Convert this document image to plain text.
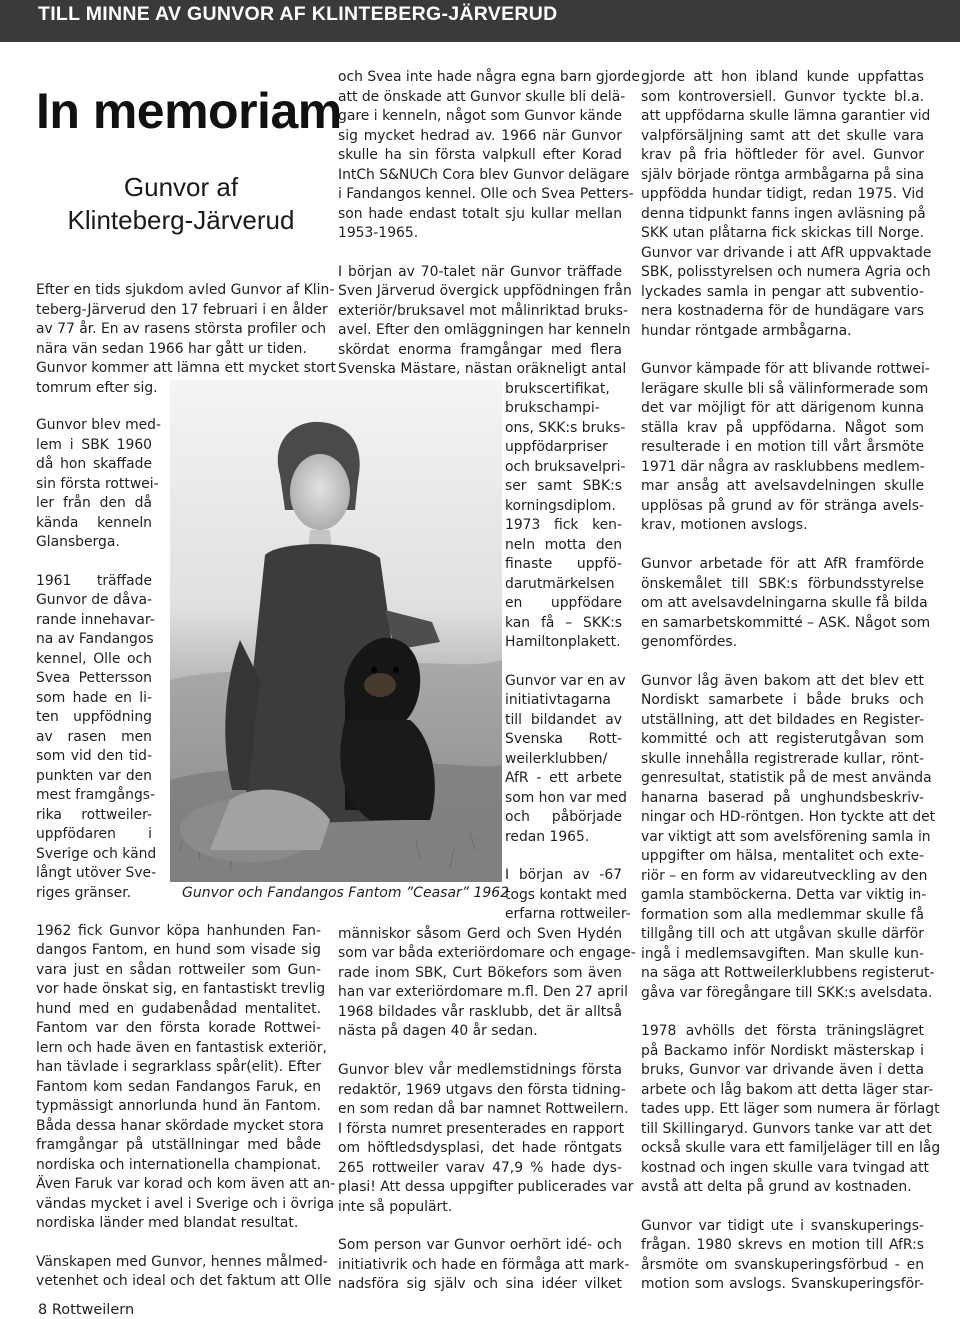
TILL MINNE AV GUNVOR AF KLINTEBERG-JÄRVERUD
In memoriam
Gunvor af
Klinteberg-Järverud
Gunvor och Fandangos Fantom ”Ceasar” 1962
8 Rottweilern
Efter en tids sjukdom avled Gunvor af Klin-
teberg-Järverud den 17 februari i en ålder
av 77 år. En av rasens största profiler och
nära vän sedan 1966 har gått ur tiden.
Gunvor kommer att lämna ett mycket stort
tomrum efter sig.
Gunvor blev med-
lem i SBK 1960
då hon skaffade
sin första rottwei-
ler från den då
kända kenneln
Glansberga.
1961 träffade
Gunvor de dåva-
rande innehavar-
na av Fandangos
kennel, Olle och
Svea Pettersson
som hade en li-
ten uppfödning
av rasen men
som vid den tid-
punkten var den
mest framgångs-
rika rottweiler-
uppfödaren i
Sverige och känd
långt utöver Sve-
riges gränser.
1962 fick Gunvor köpa hanhunden Fan-
dangos Fantom, en hund som visade sig
vara just en sådan rottweiler som Gun-
vor hade önskat sig, en fantastiskt trevlig
hund med en gudabenådad mentalitet.
Fantom var den första korade Rottwei-
lern och hade även en fantastisk exteriör,
han tävlade i segrarklass spår(elit). Efter
Fantom kom sedan Fandangos Faruk, en
typmässigt annorlunda hund än Fantom.
Båda dessa hanar skördade mycket stora
framgångar på utställningar med både
nordiska och internationella championat.
Även Faruk var korad och kom även att an-
vändas mycket i avel i Sverige och i övriga
nordiska länder med blandat resultat.
Vänskapen med Gunvor, hennes målmed-
vetenhet och ideal och det faktum att Olle
och Svea inte hade några egna barn gjorde
att de önskade att Gunvor skulle bli delä-
gare i kenneln, något som Gunvor kände
sig mycket hedrad av. 1966 när Gunvor
skulle ha sin första valpkull efter Korad
IntCh S&NUCh Cora blev Gunvor delägare
i Fandangos kennel. Olle och Svea Petters-
son hade endast totalt sju kullar mellan
1953-1965.
I början av 70-talet när Gunvor träffade
Sven Järverud övergick uppfödningen från
exteriör/bruksavel mot målinriktad bruks-
avel. Efter den omläggningen har kenneln
skördat enorma framgångar med flera
Svenska Mästare, nästan oräkneligt antal
brukscertifikat,
brukschampi-
ons, SKK:s bruks-
uppfödarpriser
och bruksavelpri-
ser samt SBK:s
korningsdiplom.
1973 fick ken-
neln motta den
finaste uppfö-
darutmärkelsen
en uppfödare
kan få – SKK:s
Hamiltonplakett.
Gunvor var en av
initiativtagarna
till bildandet av
Svenska Rott-
weilerklubben/
AfR - ett arbete
som hon var med
och påbörjade
redan 1965.
I början av -67
togs kontakt med
erfarna rottweiler-
människor såsom Gerd och Sven Hydén
som var båda exteriördomare och engage-
rade inom SBK, Curt Bökefors som även
han var exteriördomare m.fl. Den 27 april
1968 bildades vår rasklubb, det är alltså
nästa på dagen 40 år sedan.
Gunvor blev vår medlemstidnings första
redaktör, 1969 utgavs den första tidning-
en som redan då bar namnet Rottweilern.
I första numret presenterades en rapport
om höftledsdysplasi, det hade röntgats
265 rottweiler varav 47,9 % hade dys-
plasi! Att dessa uppgifter publicerades var
inte så populärt.
Som person var Gunvor oerhört idé- och
initiativrik och hade en förmåga att mark-
nadsföra sig själv och sina idéer vilket
gjorde att hon ibland kunde uppfattas
som kontroversiell. Gunvor tyckte bl.a.
att uppfödarna skulle lämna garantier vid
valpförsäljning samt att det skulle vara
krav på fria höftleder för avel. Gunvor
själv började röntga armbågarna på sina
uppfödda hundar tidigt, redan 1975. Vid
denna tidpunkt fanns ingen avläsning på
SKK utan plåtarna fick skickas till Norge.
Gunvor var drivande i att AfR uppvaktade
SBK, polisstyrelsen och numera Agria och
lyckades samla in pengar att subventio-
nera kostnaderna för de hundägare vars
hundar röntgade armbågarna.
Gunvor kämpade för att blivande rottwei-
lerägare skulle bli så välinformerade som
det var möjligt för att därigenom kunna
ställa krav på uppfödarna. Något som
resulterade i en motion till vårt årsmöte
1971 där några av rasklubbens medlem-
mar ansåg att avelsavdelningen skulle
upplösas på grund av för stränga avels-
krav, motionen avslogs.
Gunvor arbetade för att AfR framförde
önskemålet till SBK:s förbundsstyrelse
om att avelsavdelningarna skulle få bilda
en samarbetskommitté – ASK. Något som
genomfördes.
Gunvor låg även bakom att det blev ett
Nordiskt samarbete i både bruks och
utställning, att det bildades en Register-
kommitté och att registerutgåvan som
skulle innehålla registrerade kullar, rönt-
genresultat, statistik på de mest använda
hanarna baserad på unghundsbeskriv-
ningar och HD-röntgen. Hon tyckte att det
var viktigt att som avelsförening samla in
uppgifter om hälsa, mentalitet och exte-
riör – en form av vidareutveckling av den
gamla stamböckerna. Detta var viktig in-
formation som alla medlemmar skulle få
tillgång till och att utgåvan skulle därför
ingå i medlemsavgiften. Man skulle kun-
na säga att Rottweilerklubbens registerut-
gåva var föregångare till SKK:s avelsdata.
1978 avhölls det första träningslägret
på Backamo inför Nordiskt mästerskap i
bruks, Gunvor var drivande även i detta
arbete och låg bakom att detta läger star-
tades upp. Ett läger som numera är förlagt
till Skillingaryd. Gunvors tanke var att det
också skulle vara ett familjeläger till en låg
kostnad och ingen skulle vara tvingad att
avstå att delta på grund av kostnaden.
Gunvor var tidigt ute i svanskuperings-
frågan. 1980 skrevs en motion till AfR:s
årsmöte om svanskuperingsförbud - en
motion som avslogs. Svanskuperingsför-
